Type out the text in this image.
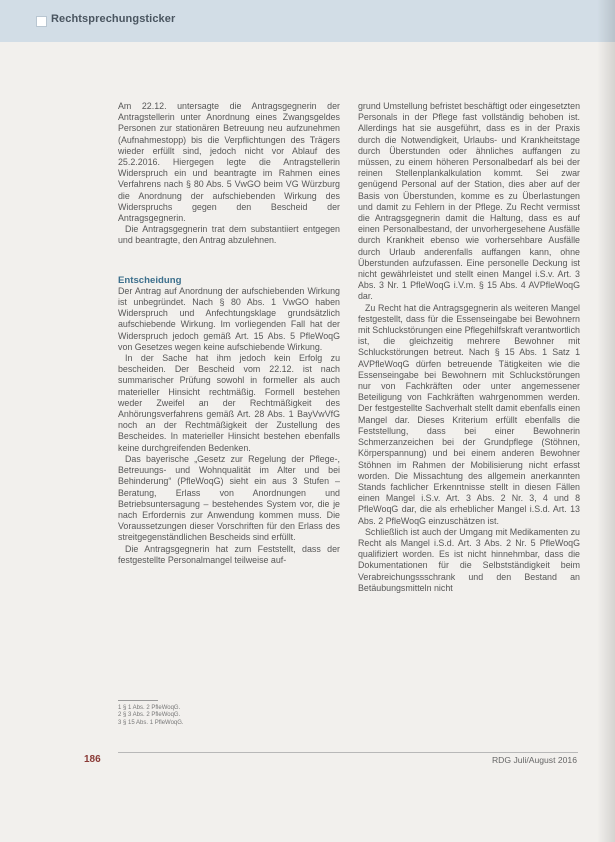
Rechtsprechungsticker

Am 22.12. untersagte die Antragsgegnerin der Antragstellerin unter Anordnung eines Zwangsgeldes Personen zur stationären Betreuung neu aufzunehmen (Aufnahmestopp) bis die Verpflichtungen des Trägers wieder erfüllt sind, jedoch nicht vor Ablauf des 25.2.2016. Hiergegen legte die Antragstellerin Widerspruch ein und beantragte im Rahmen eines Verfahrens nach § 80 Abs. 5 VwGO beim VG Würzburg die Anordnung der aufschiebenden Wirkung des Widerspruchs gegen den Bescheid der Antragsgegnerin.

Die Antragsgegnerin trat dem substantiiert entgegen und beantragte, den Antrag abzulehnen.

Entscheidung

Der Antrag auf Anordnung der aufschiebenden Wirkung ist unbegründet. Nach § 80 Abs. 1 VwGO haben Widerspruch und Anfechtungsklage grundsätzlich aufschiebende Wirkung. Im vorliegenden Fall hat der Widerspruch jedoch gemäß Art. 15 Abs. 5 PfleWoqG von Gesetzes wegen keine aufschiebende Wirkung.

In der Sache hat ihm jedoch kein Erfolg zu bescheiden. Der Bescheid vom 22.12. ist nach summarischer Prüfung sowohl in formeller als auch materieller Hinsicht rechtmäßig. Formell bestehen weder Zweifel an der Rechtmäßigkeit des Anhörungsverfahrens gemäß Art. 28 Abs. 1 BayVwVfG noch an der Rechtmäßigkeit der Zustellung des Bescheides. In materieller Hinsicht bestehen ebenfalls keine durchgreifenden Bedenken.

Das bayerische „Gesetz zur Regelung der Pflege-, Betreuungs- und Wohnqualität im Alter und bei Behinderung“ (PfleWoqG) sieht ein aus 3 Stufen – Beratung, Erlass von Anordnungen und Betriebsuntersagung – bestehendes System vor, die je nach Erfordernis zur Anwendung kommen muss. Die Voraussetzungen dieser Vorschriften für den Erlass des streitgegenständlichen Bescheids sind erfüllt.

Die Antragsgegnerin hat zum Feststellt, dass der festgestellte Personalmangel teilweise auf-

1 § 1 Abs. 2 PfleWoqG.
2 § 3 Abs. 2 PfleWoqG.
3 § 15 Abs. 1 PfleWoqG.

grund Umstellung befristet beschäftigt oder eingesetzten Personals in der Pflege fast vollständig behoben ist. Allerdings hat sie ausgeführt, dass es in der Praxis durch die Notwendigkeit, Urlaubs- und Krankheitstage durch Überstunden oder ähnliches auffangen zu müssen, zu einem höheren Personalbedarf als bei der reinen Stellenplankalkulation kommt. Sei zwar genügend Personal auf der Station, dies aber auf der Basis von Überstunden, komme es zu Überlastungen und damit zu Fehlern in der Pflege. Zu Recht vermisst die Antragsgegnerin damit die Haltung, dass es auf einen Personalbestand, der unvorhergesehene Ausfälle durch Krankheit ebenso wie vorhersehbare Ausfälle durch Urlaub anderenfalls auffangen kann, ohne Überstunden aufzufassen. Eine personelle Deckung ist nicht gewährleistet und stellt einen Mangel i.S.v. Art. 3 Abs. 3 Nr. 1 PfleWoqG i.V.m. § 15 Abs. 4 AVPfleWoqG dar.

Zu Recht hat die Antragsgegnerin als weiteren Mangel festgestellt, dass für die Essenseingabe bei Bewohnern mit Schluckstörungen eine Pflegehilfskraft verantwortlich ist, die gleichzeitig mehrere Bewohner mit Schluckstörungen betreut. Nach § 15 Abs. 1 Satz 1 AVPfleWoqG dürfen betreuende Tätigkeiten wie die Essenseingabe bei Bewohnern mit Schluckstörungen nur von Fachkräften oder unter angemessener Beteiligung von Fachkräften wahrgenommen werden. Der festgestellte Sachverhalt stellt damit ebenfalls einen Mangel dar. Dieses Kriterium erfüllt ebenfalls die Feststellung, dass bei einer Bewohnerin Schmerzanzeichen bei der Grundpflege (Stöhnen, Körperspannung) und bei einem anderen Bewohner Stöhnen im Rahmen der Mobilisierung nicht erfasst worden. Die Missachtung des allgemein anerkannten Stands fachlicher Erkenntnisse stellt in diesen Fällen einen Mangel i.S.v. Art. 3 Abs. 2 Nr. 3, 4 und 8 PfleWoqG dar, die als erheblicher Mangel i.S.d. Art. 13 Abs. 2 PfleWoqG einzuschätzen ist.

Schließlich ist auch der Umgang mit Medikamenten zu Recht als Mangel i.S.d. Art. 3 Abs. 2 Nr. 5 PfleWoqG qualifiziert worden. Es ist nicht hinnehmbar, dass die Dokumentationen für die Selbstständigkeit beim Verabreichungssschrank und den Bestand an Betäubungsmitteln nicht

186	RDG Juli/August 2016
